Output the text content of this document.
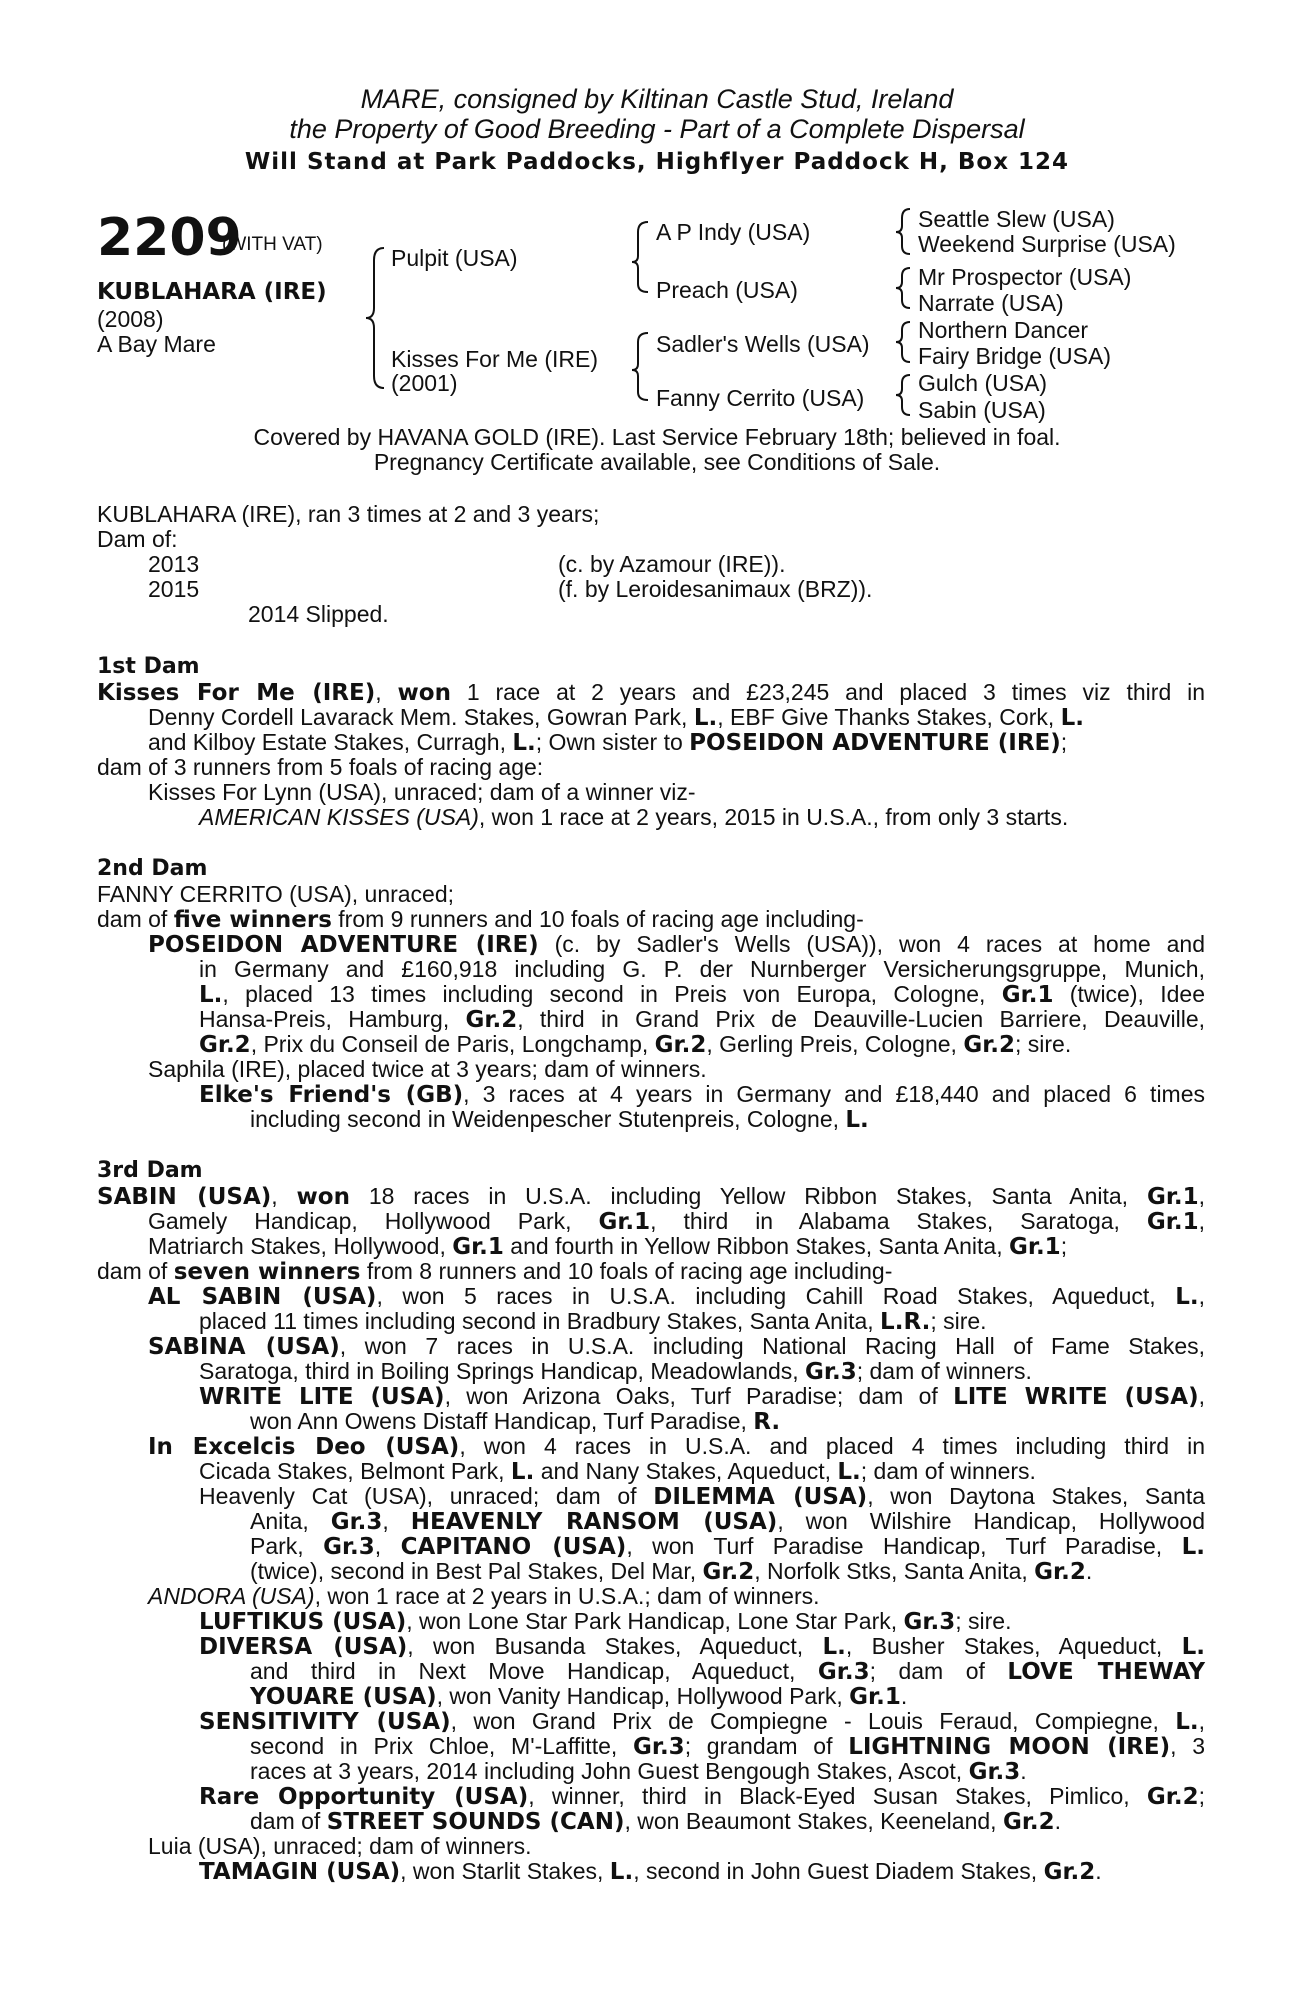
MARE, consigned by Kiltinan Castle Stud, Ireland
the Property of Good Breeding - Part of a Complete Dispersal
Will Stand at Park Paddocks, Highflyer Paddock H, Box 124
2209
(WITH VAT)
KUBLAHARA (IRE)
(2008)
A Bay Mare
Pulpit (USA)
Kisses For Me (IRE)
(2001)
A P Indy (USA)
Preach (USA)
Sadler's Wells (USA)
Fanny Cerrito (USA)
Seattle Slew (USA)
Weekend Surprise (USA)
Mr Prospector (USA)
Narrate (USA)
Northern Dancer
Fairy Bridge (USA)
Gulch (USA)
Sabin (USA)
Covered by HAVANA GOLD (IRE). Last Service February 18th; believed in foal.
Pregnancy Certificate available, see Conditions of Sale.
KUBLAHARA (IRE), ran 3 times at 2 and 3 years;
Dam of:
2013	(c. by Azamour (IRE)).
2015	(f. by Leroidesanimaux (BRZ)).
2014 Slipped.
1st Dam
Kisses For Me (IRE), won 1 race at 2 years and £23,245 and placed 3 times viz third in
Denny Cordell Lavarack Mem. Stakes, Gowran Park, L., EBF Give Thanks Stakes, Cork, L.
and Kilboy Estate Stakes, Curragh, L.; Own sister to POSEIDON ADVENTURE (IRE);
dam of 3 runners from 5 foals of racing age:
Kisses For Lynn (USA), unraced; dam of a winner viz-
AMERICAN KISSES (USA), won 1 race at 2 years, 2015 in U.S.A., from only 3 starts.
2nd Dam
FANNY CERRITO (USA), unraced;
dam of five winners from 9 runners and 10 foals of racing age including-
POSEIDON ADVENTURE (IRE) (c. by Sadler's Wells (USA)), won 4 races at home and
in Germany and £160,918 including G. P. der Nurnberger Versicherungsgruppe, Munich,
L., placed 13 times including second in Preis von Europa, Cologne, Gr.1 (twice), Idee
Hansa-Preis, Hamburg, Gr.2, third in Grand Prix de Deauville-Lucien Barriere, Deauville,
Gr.2, Prix du Conseil de Paris, Longchamp, Gr.2, Gerling Preis, Cologne, Gr.2; sire.
Saphila (IRE), placed twice at 3 years; dam of winners.
Elke's Friend's (GB), 3 races at 4 years in Germany and £18,440 and placed 6 times
including second in Weidenpescher Stutenpreis, Cologne, L.
3rd Dam
SABIN (USA), won 18 races in U.S.A. including Yellow Ribbon Stakes, Santa Anita, Gr.1,
Gamely Handicap, Hollywood Park, Gr.1, third in Alabama Stakes, Saratoga, Gr.1,
Matriarch Stakes, Hollywood, Gr.1 and fourth in Yellow Ribbon Stakes, Santa Anita, Gr.1;
dam of seven winners from 8 runners and 10 foals of racing age including-
AL SABIN (USA), won 5 races in U.S.A. including Cahill Road Stakes, Aqueduct, L.,
placed 11 times including second in Bradbury Stakes, Santa Anita, L.R.; sire.
SABINA (USA), won 7 races in U.S.A. including National Racing Hall of Fame Stakes,
Saratoga, third in Boiling Springs Handicap, Meadowlands, Gr.3; dam of winners.
WRITE LITE (USA), won Arizona Oaks, Turf Paradise; dam of LITE WRITE (USA),
won Ann Owens Distaff Handicap, Turf Paradise, R.
In Excelcis Deo (USA), won 4 races in U.S.A. and placed 4 times including third in
Cicada Stakes, Belmont Park, L. and Nany Stakes, Aqueduct, L.; dam of winners.
Heavenly Cat (USA), unraced; dam of DILEMMA (USA), won Daytona Stakes, Santa
Anita, Gr.3, HEAVENLY RANSOM (USA), won Wilshire Handicap, Hollywood
Park, Gr.3, CAPITANO (USA), won Turf Paradise Handicap, Turf Paradise, L.
(twice), second in Best Pal Stakes, Del Mar, Gr.2, Norfolk Stks, Santa Anita, Gr.2.
ANDORA (USA), won 1 race at 2 years in U.S.A.; dam of winners.
LUFTIKUS (USA), won Lone Star Park Handicap, Lone Star Park, Gr.3; sire.
DIVERSA (USA), won Busanda Stakes, Aqueduct, L., Busher Stakes, Aqueduct, L.
and third in Next Move Handicap, Aqueduct, Gr.3; dam of LOVE THEWAY
YOUARE (USA), won Vanity Handicap, Hollywood Park, Gr.1.
SENSITIVITY (USA), won Grand Prix de Compiegne - Louis Feraud, Compiegne, L.,
second in Prix Chloe, M'-Laffitte, Gr.3; grandam of LIGHTNING MOON (IRE), 3
races at 3 years, 2014 including John Guest Bengough Stakes, Ascot, Gr.3.
Rare Opportunity (USA), winner, third in Black-Eyed Susan Stakes, Pimlico, Gr.2;
dam of STREET SOUNDS (CAN), won Beaumont Stakes, Keeneland, Gr.2.
Luia (USA), unraced; dam of winners.
TAMAGIN (USA), won Starlit Stakes, L., second in John Guest Diadem Stakes, Gr.2.
